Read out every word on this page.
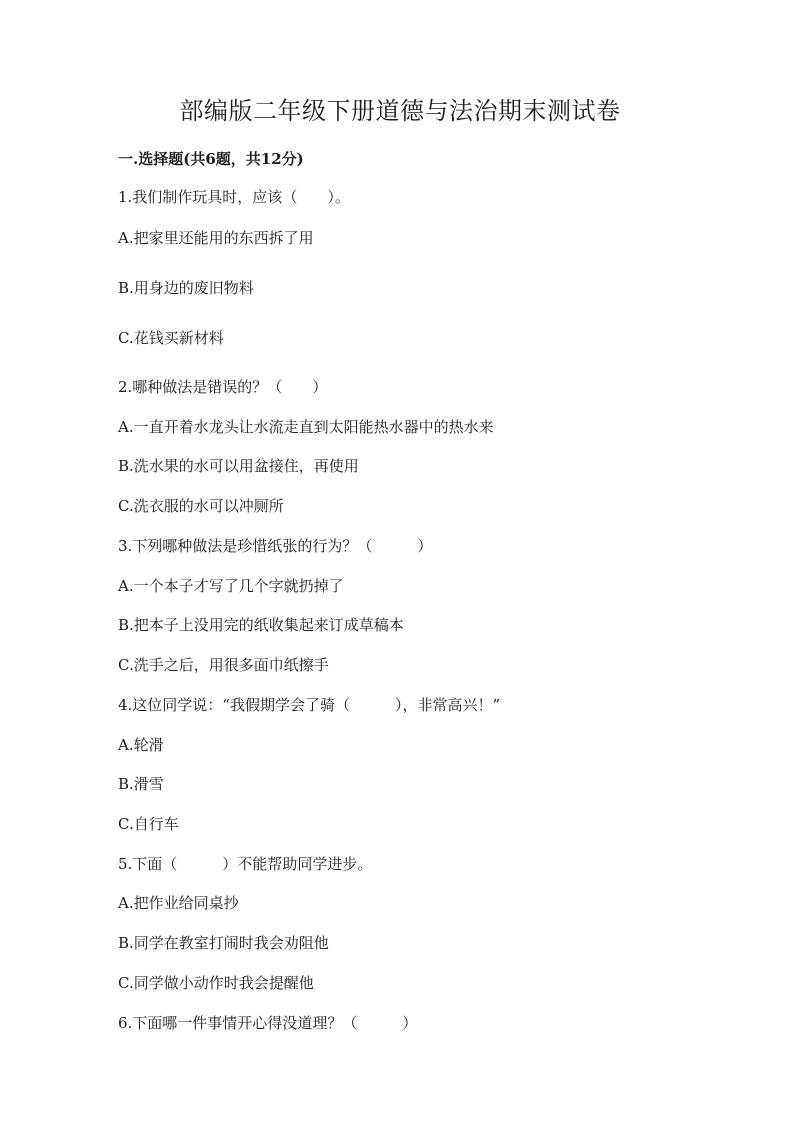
部编版二年级下册道德与法治期末测试卷
一.选择题(共6题，共12分)
1.我们制作玩具时，应该（　　）。
A.把家里还能用的东西拆了用
B.用身边的废旧物料
C.花钱买新材料
2.哪种做法是错误的？（　　）
A.一直开着水龙头让水流走直到太阳能热水器中的热水来
B.洗水果的水可以用盆接住，再使用
C.洗衣服的水可以冲厕所
3.下列哪种做法是珍惜纸张的行为？（　　　）
A.一个本子才写了几个字就扔掉了
B.把本子上没用完的纸收集起来订成草稿本
C.洗手之后，用很多面巾纸擦手
4.这位同学说：“我假期学会了骑（　　　），非常高兴！”
A.轮滑
B.滑雪
C.自行车
5.下面（　　　）不能帮助同学进步。
A.把作业给同桌抄
B.同学在教室打闹时我会劝阻他
C.同学做小动作时我会提醒他
6.下面哪一件事情开心得没道理？（　　　）
